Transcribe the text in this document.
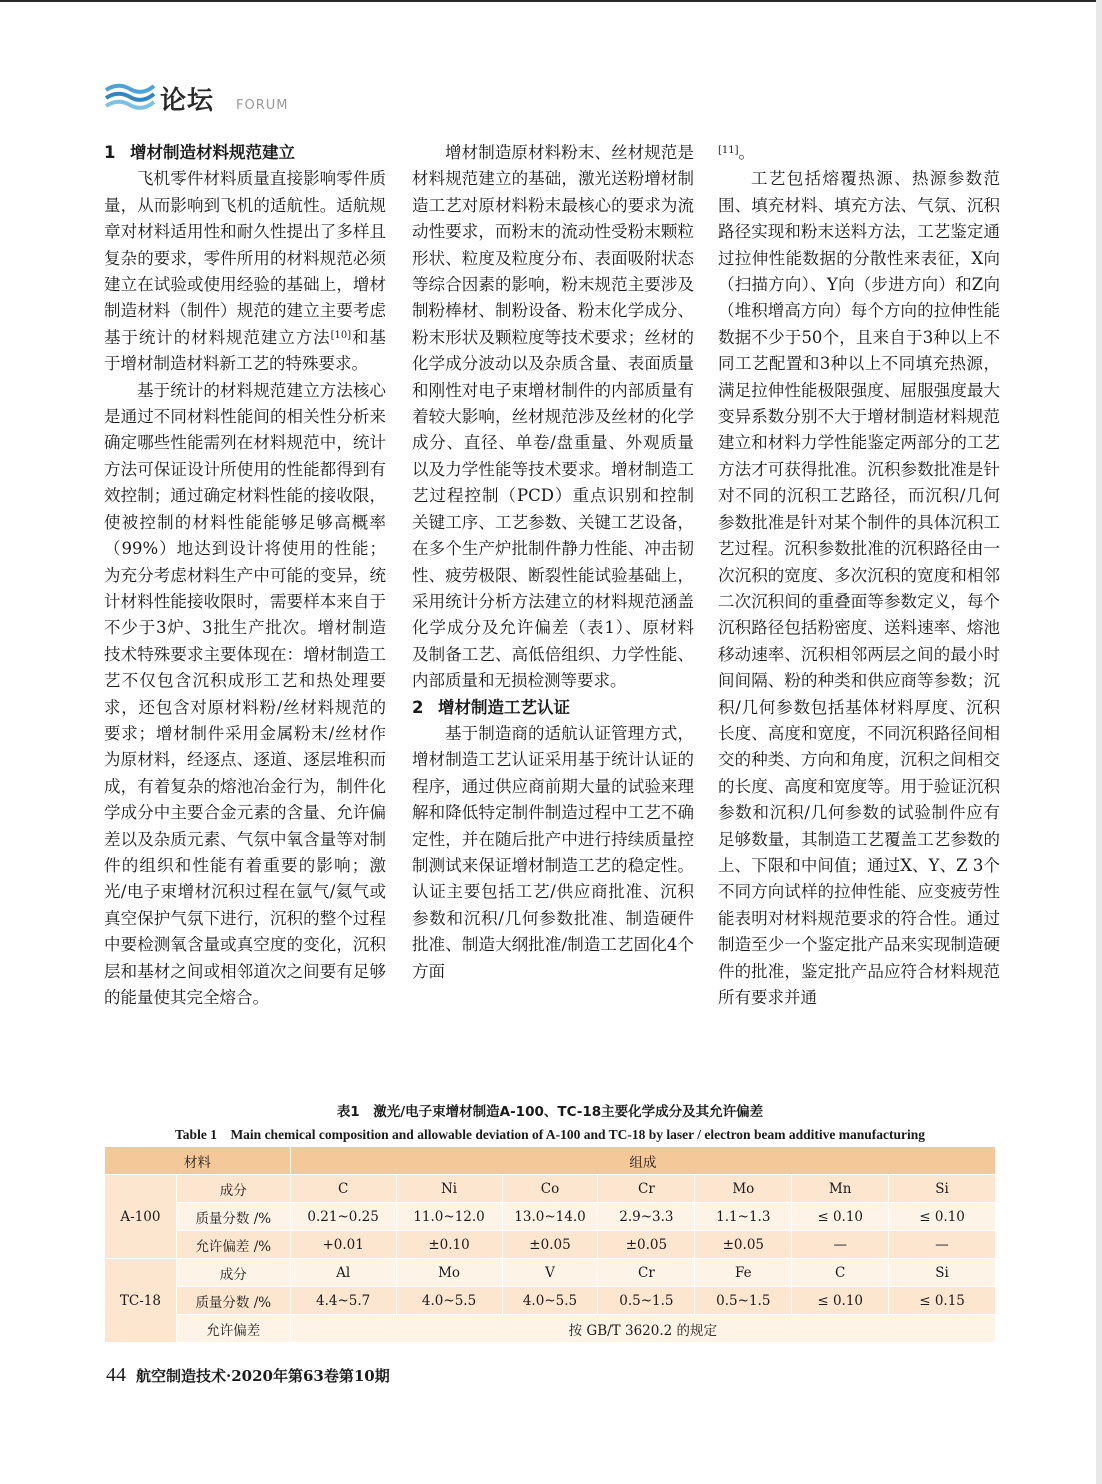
论坛 FORUM
1 增材制造材料规范建立

飞机零件材料质量直接影响零件质量，从而影响到飞机的适航性。适航规章对材料适用性和耐久性提出了多样且复杂的要求，零件所用的材料规范必须建立在试验或使用经验的基础上，增材制造材料（制件）规范的建立主要考虑基于统计的材料规范建立方法[10]和基于增材制造材料新工艺的特殊要求。

基于统计的材料规范建立方法核心是通过不同材料性能间的相关性分析来确定哪些性能需列在材料规范中，统计方法可保证设计所使用的性能都得到有效控制；通过确定材料性能的接收限，使被控制的材料性能能够足够高概率（99%）地达到设计将使用的性能；为充分考虑材料生产中可能的变异，统计材料性能接收限时，需要样本来自于不少于3炉、3批生产批次。增材制造技术特殊要求主要体现在：增材制造工艺不仅包含沉积成形工艺和热处理要求，还包含对原材料粉/丝材料规范的要求；增材制件采用金属粉末/丝材作为原材料，经逐点、逐道、逐层堆积而成，有着复杂的熔池冶金行为，制件化学成分中主要合金元素的含量、允许偏差以及杂质元素、气氛中氧含量等对制件的组织和性能有着重要的影响；激光/电子束增材沉积过程在氩气/氦气或真空保护气氛下进行，沉积的整个过程中要检测氧含量或真空度的变化，沉积层和基材之间或相邻道次之间要有足够的能量使其完全熔合。

增材制造原材料粉末、丝材规范是材料规范建立的基础，激光送粉增材制造工艺对原材料粉末最核心的要求为流动性要求，而粉末的流动性受粉末颗粒形状、粒度及粒度分布、表面吸附状态等综合因素的影响，粉末规范主要涉及制粉棒材、制粉设备、粉末化学成分、粉末形状及颗粒度等技术要求；丝材的化学成分波动以及杂质含量、表面质量和刚性对电子束增材制件的内部质量有着较大影响，丝材规范涉及丝材的化学成分、直径、单卷/盘重量、外观质量以及力学性能等技术要求。增材制造工艺过程控制（PCD）重点识别和控制关键工序、工艺参数、关键工艺设备，在多个生产炉批制件静力性能、冲击韧性、疲劳极限、断裂性能试验基础上，采用统计分析方法建立的材料规范涵盖化学成分及允许偏差（表1）、原材料及制备工艺、高低倍组织、力学性能、内部质量和无损检测等要求。

2 增材制造工艺认证

基于制造商的适航认证管理方式，增材制造工艺认证采用基于统计认证的程序，通过供应商前期大量的试验来理解和降低特定制件制造过程中工艺不确定性，并在随后批产中进行持续质量控制测试来保证增材制造工艺的稳定性。认证主要包括工艺/供应商批准、沉积参数和沉积/几何参数批准、制造硬件批准、制造大纲批准/制造工艺固化4个方面

[11]。

工艺包括熔覆热源、热源参数范围、填充材料、填充方法、气氛、沉积路径实现和粉末送料方法，工艺鉴定通过拉伸性能数据的分散性来表征，X向（扫描方向）、Y向（步进方向）和Z向（堆积增高方向）每个方向的拉伸性能数据不少于50个，且来自于3种以上不同工艺配置和3种以上不同填充热源，满足拉伸性能极限强度、屈服强度最大变异系数分别不大于增材制造材料规范建立和材料力学性能鉴定两部分的工艺方法才可获得批准。沉积参数批准是针对不同的沉积工艺路径，而沉积/几何参数批准是针对某个制件的具体沉积工艺过程。沉积参数批准的沉积路径由一次沉积的宽度、多次沉积的宽度和相邻二次沉积间的重叠面等参数定义，每个沉积路径包括粉密度、送料速率、熔池移动速率、沉积相邻两层之间的最小时间间隔、粉的种类和供应商等参数；沉积/几何参数包括基体材料厚度、沉积长度、高度和宽度，不同沉积路径间相交的种类、方向和角度，沉积之间相交的长度、高度和宽度等。用于验证沉积参数和沉积/几何参数的试验制件应有足够数量，其制造工艺覆盖工艺参数的上、下限和中间值；通过X、Y、Z 3个不同方向试样的拉伸性能、应变疲劳性能表明对材料规范要求的符合性。通过制造至少一个鉴定批产品来实现制造硬件的批准，鉴定批产品应符合材料规范所有要求并通

表1　激光/电子束增材制造A-100、TC-18主要化学成分及其允许偏差
Table 1　Main chemical composition and allowable deviation of A-100 and TC-18 by laser / electron beam additive manufacturing
材料		组成						
A-100	成分	C	Ni	Co	Cr	Mo	Mn	Si
	质量分数 /%	0.21~0.25	11.0~12.0	13.0~14.0	2.9~3.3	1.1~1.3	≤ 0.10	≤ 0.10
	允许偏差 /%	+0.01	±0.10	±0.05	±0.05	±0.05	—	—
TC-18	成分	Al	Mo	V	Cr	Fe	C	Si
	质量分数 /%	4.4~5.7	4.0~5.5	4.0~5.5	0.5~1.5	0.5~1.5	≤ 0.10	≤ 0.15
	允许偏差	按 GB/T 3620.2 的规定						
44 航空制造技术·2020年第63卷第10期
